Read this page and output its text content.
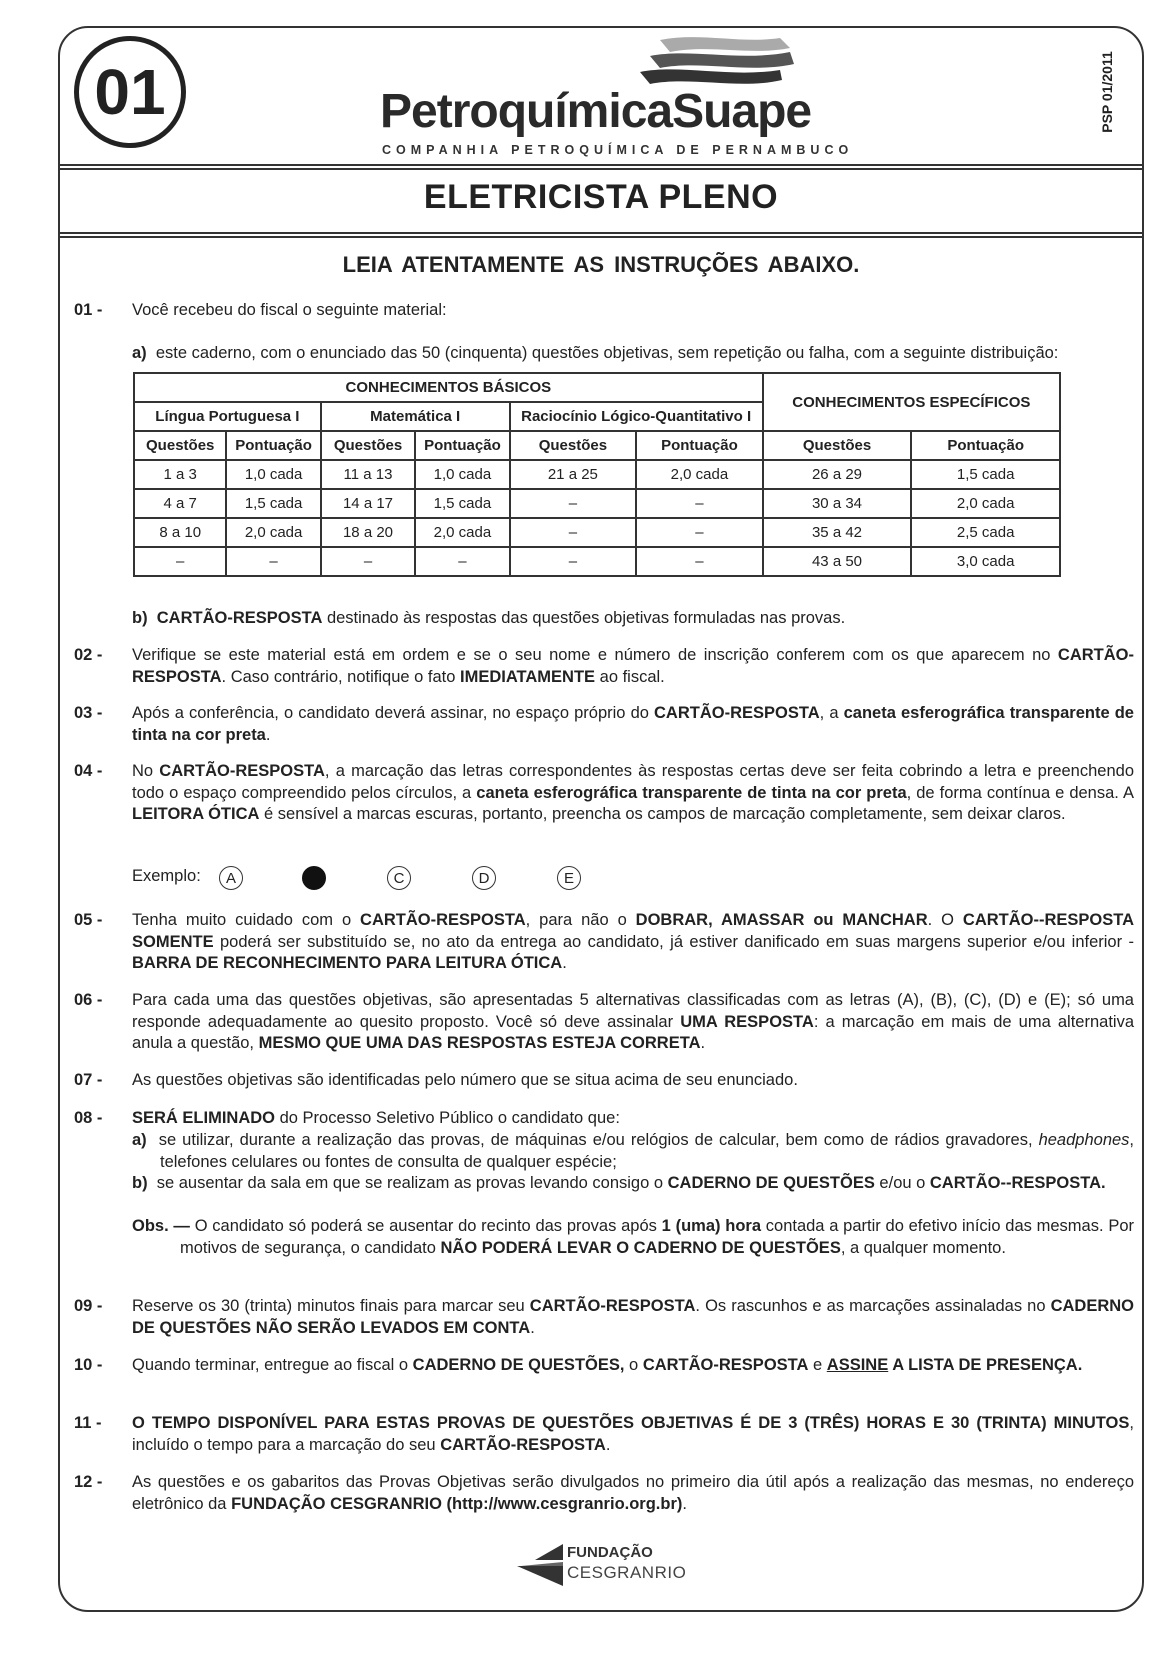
01	PetroquímicaSuape
COMPANHIA PETROQUÍMICA DE PERNAMBUCO
PSP 01/2011
ELETRICISTA PLENO
LEIA ATENTAMENTE AS INSTRUÇÕES ABAIXO.
01 - Você recebeu do fiscal o seguinte material:
a) este caderno, com o enunciado das 50 (cinquenta) questões objetivas, sem repetição ou falha, com a seguinte distribuição:
CONHECIMENTOS BÁSICOS						CONHECIMENTOS ESPECÍFICOS	
Língua Portuguesa I		Matemática I		Raciocínio Lógico-Quantitativo I			
Questões	Pontuação	Questões	Pontuação	Questões	Pontuação	Questões	Pontuação
1 a 3	1,0 cada	11 a 13	1,0 cada	21 a 25	2,0 cada	26 a 29	1,5 cada
4 a 7	1,5 cada	14 a 17	1,5 cada	–	–	30 a 34	2,0 cada
8 a 10	2,0 cada	18 a 20	2,0 cada	–	–	35 a 42	2,5 cada
–	–	–	–	–	–	43 a 50	3,0 cada
b) CARTÃO-RESPOSTA destinado às respostas das questões objetivas formuladas nas provas.
02 - Verifique se este material está em ordem e se o seu nome e número de inscrição conferem com os que aparecem no CARTÃO-RESPOSTA. Caso contrário, notifique o fato IMEDIATAMENTE ao fiscal.
03 - Após a conferência, o candidato deverá assinar, no espaço próprio do CARTÃO-RESPOSTA, a caneta esferográfica transparente de tinta na cor preta.
04 - No CARTÃO-RESPOSTA, a marcação das letras correspondentes às respostas certas deve ser feita cobrindo a letra e preenchendo todo o espaço compreendido pelos círculos, a caneta esferográfica transparente de tinta na cor preta, de forma contínua e densa. A LEITORA ÓTICA é sensível a marcas escuras, portanto, preencha os campos de marcação completamente, sem deixar claros.
Exemplo:	A	C	D	E
05 - Tenha muito cuidado com o CARTÃO-RESPOSTA, para não o DOBRAR, AMASSAR ou MANCHAR. O CARTÃO--RESPOSTA SOMENTE poderá ser substituído se, no ato da entrega ao candidato, já estiver danificado em suas margens superior e/ou inferior - BARRA DE RECONHECIMENTO PARA LEITURA ÓTICA.
06 - Para cada uma das questões objetivas, são apresentadas 5 alternativas classificadas com as letras (A), (B), (C), (D) e (E); só uma responde adequadamente ao quesito proposto. Você só deve assinalar UMA RESPOSTA: a marcação em mais de uma alternativa anula a questão, MESMO QUE UMA DAS RESPOSTAS ESTEJA CORRETA.
07 - As questões objetivas são identificadas pelo número que se situa acima de seu enunciado.
08 - SERÁ ELIMINADO do Processo Seletivo Público o candidato que:
a) se utilizar, durante a realização das provas, de máquinas e/ou relógios de calcular, bem como de rádios gravadores, headphones, telefones celulares ou fontes de consulta de qualquer espécie;
b) se ausentar da sala em que se realizam as provas levando consigo o CADERNO DE QUESTÕES e/ou o CARTÃO--RESPOSTA.
Obs. — O candidato só poderá se ausentar do recinto das provas após 1 (uma) hora contada a partir do efetivo início das mesmas. Por motivos de segurança, o candidato NÃO PODERÁ LEVAR O CADERNO DE QUESTÕES, a qualquer momento.
09 - Reserve os 30 (trinta) minutos finais para marcar seu CARTÃO-RESPOSTA. Os rascunhos e as marcações assinaladas no CADERNO DE QUESTÕES NÃO SERÃO LEVADOS EM CONTA.
10 - Quando terminar, entregue ao fiscal o CADERNO DE QUESTÕES, o CARTÃO-RESPOSTA e ASSINE A LISTA DE PRESENÇA.
11 - O TEMPO DISPONÍVEL PARA ESTAS PROVAS DE QUESTÕES OBJETIVAS É DE 3 (TRÊS) HORAS E 30 (TRINTA) MINUTOS, incluído o tempo para a marcação do seu CARTÃO-RESPOSTA.
12 - As questões e os gabaritos das Provas Objetivas serão divulgados no primeiro dia útil após a realização das mesmas, no endereço eletrônico da FUNDAÇÃO CESGRANRIO (http://www.cesgranrio.org.br).
FUNDAÇÃO
CESGRANRIO
